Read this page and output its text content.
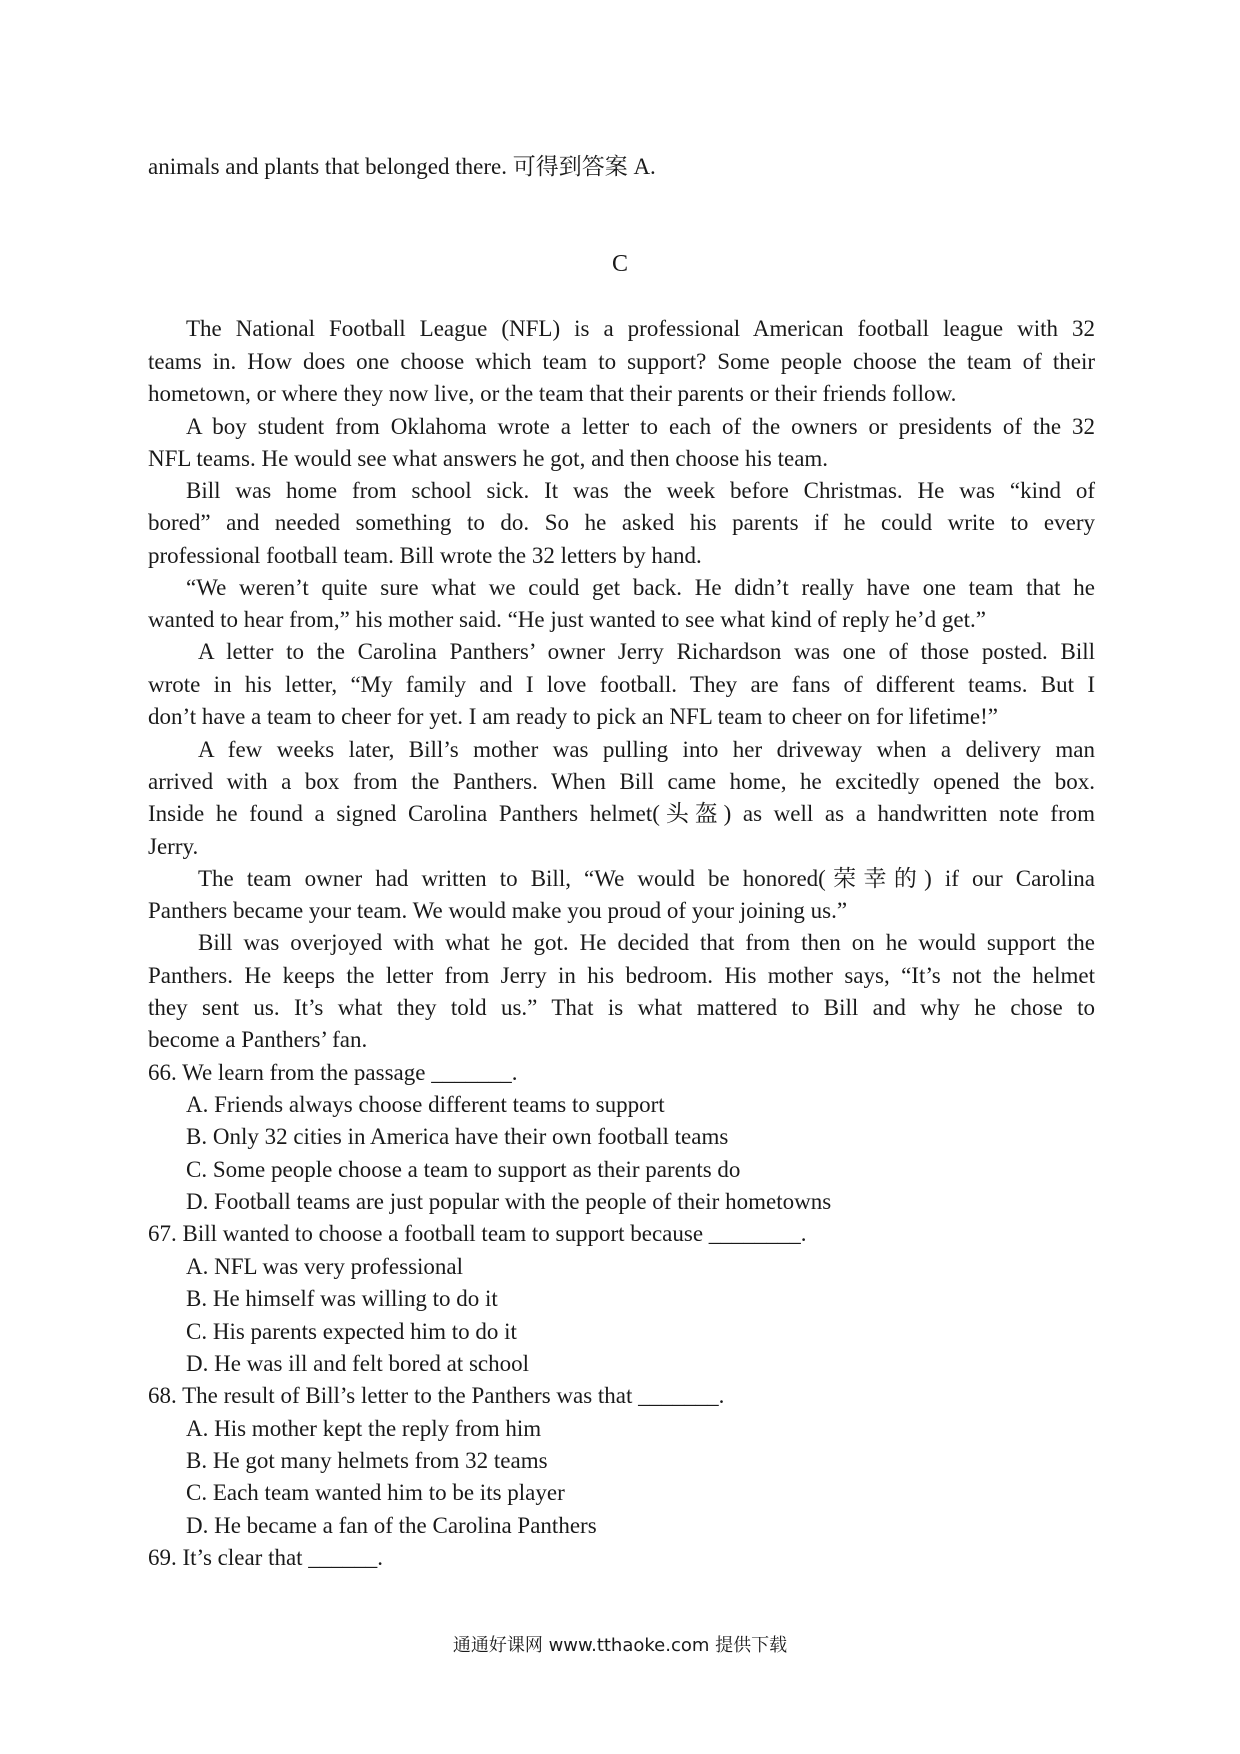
animals and plants that belonged there. 可得到答案 A.
C
The National Football League (NFL) is a professional American football league with 32
teams in. How does one choose which team to support? Some people choose the team of their
hometown, or where they now live, or the team that their parents or their friends follow.
A boy student from Oklahoma wrote a letter to each of the owners or presidents of the 32
NFL teams. He would see what answers he got, and then choose his team.
Bill was home from school sick. It was the week before Christmas. He was “kind of
bored” and needed something to do. So he asked his parents if he could write to every
professional football team. Bill wrote the 32 letters by hand.
“We weren’t quite sure what we could get back. He didn’t really have one team that he
wanted to hear from,” his mother said. “He just wanted to see what kind of reply he’d get.”
A letter to the Carolina Panthers’ owner Jerry Richardson was one of those posted. Bill
wrote in his letter, “My family and I love football. They are fans of different teams. But I
don’t have a team to cheer for yet. I am ready to pick an NFL team to cheer on for lifetime!”
A few weeks later, Bill’s mother was pulling into her driveway when a delivery man
arrived with a box from the Panthers. When Bill came home, he excitedly opened the box.
Inside he found a signed Carolina Panthers helmet(头盔) as well as a handwritten note from
Jerry.
The team owner had written to Bill, “We would be honored(荣幸的) if our Carolina
Panthers became your team. We would make you proud of your joining us.”
Bill was overjoyed with what he got. He decided that from then on he would support the
Panthers. He keeps the letter from Jerry in his bedroom. His mother says, “It’s not the helmet
they sent us. It’s what they told us.” That is what mattered to Bill and why he chose to
become a Panthers’ fan.
66. We learn from the passage _______.
A. Friends always choose different teams to support
B. Only 32 cities in America have their own football teams
C. Some people choose a team to support as their parents do
D. Football teams are just popular with the people of their hometowns
67. Bill wanted to choose a football team to support because ________.
A. NFL was very professional
B. He himself was willing to do it
C. His parents expected him to do it
D. He was ill and felt bored at school
68. The result of Bill’s letter to the Panthers was that _______.
A. His mother kept the reply from him
B. He got many helmets from 32 teams
C. Each team wanted him to be its player
D. He became a fan of the Carolina Panthers
69. It’s clear that ______.
通通好课网 www.tthaoke.com 提供下载
